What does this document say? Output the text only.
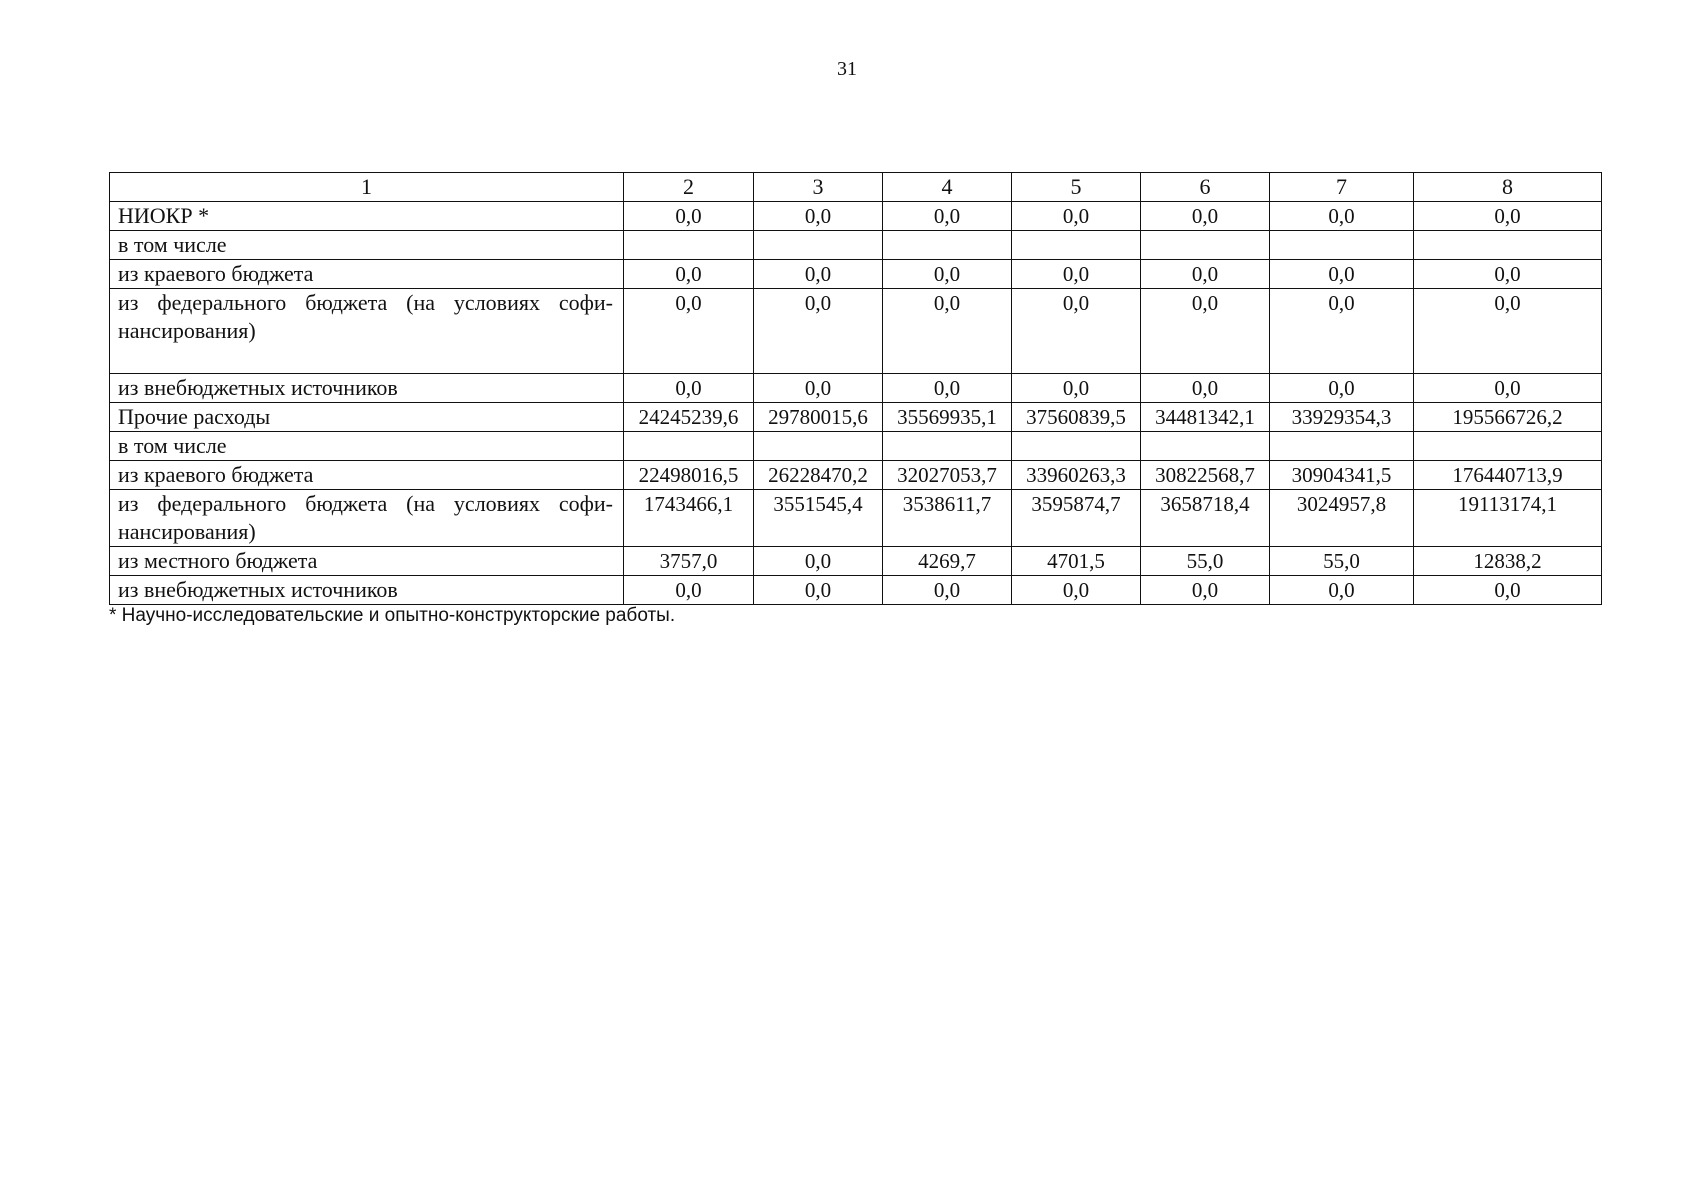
31
1	2	3	4	5	6	7	8
НИОКР *	0,0	0,0	0,0	0,0	0,0	0,0	0,0
в том числе							
из краевого бюджета	0,0	0,0	0,0	0,0	0,0	0,0	0,0
из федерального бюджета (на условиях софи- нансирования)	0,0	0,0	0,0	0,0	0,0	0,0	0,0
из внебюджетных источников	0,0	0,0	0,0	0,0	0,0	0,0	0,0
Прочие расходы	24245239,6	29780015,6	35569935,1	37560839,5	34481342,1	33929354,3	195566726,2
в том числе							
из краевого бюджета	22498016,5	26228470,2	32027053,7	33960263,3	30822568,7	30904341,5	176440713,9
из федерального бюджета (на условиях софи- нансирования)	1743466,1	3551545,4	3538611,7	3595874,7	3658718,4	3024957,8	19113174,1
из местного бюджета	3757,0	0,0	4269,7	4701,5	55,0	55,0	12838,2
из внебюджетных источников	0,0	0,0	0,0	0,0	0,0	0,0	0,0
* Научно-исследовательские и опытно-конструкторские работы.
